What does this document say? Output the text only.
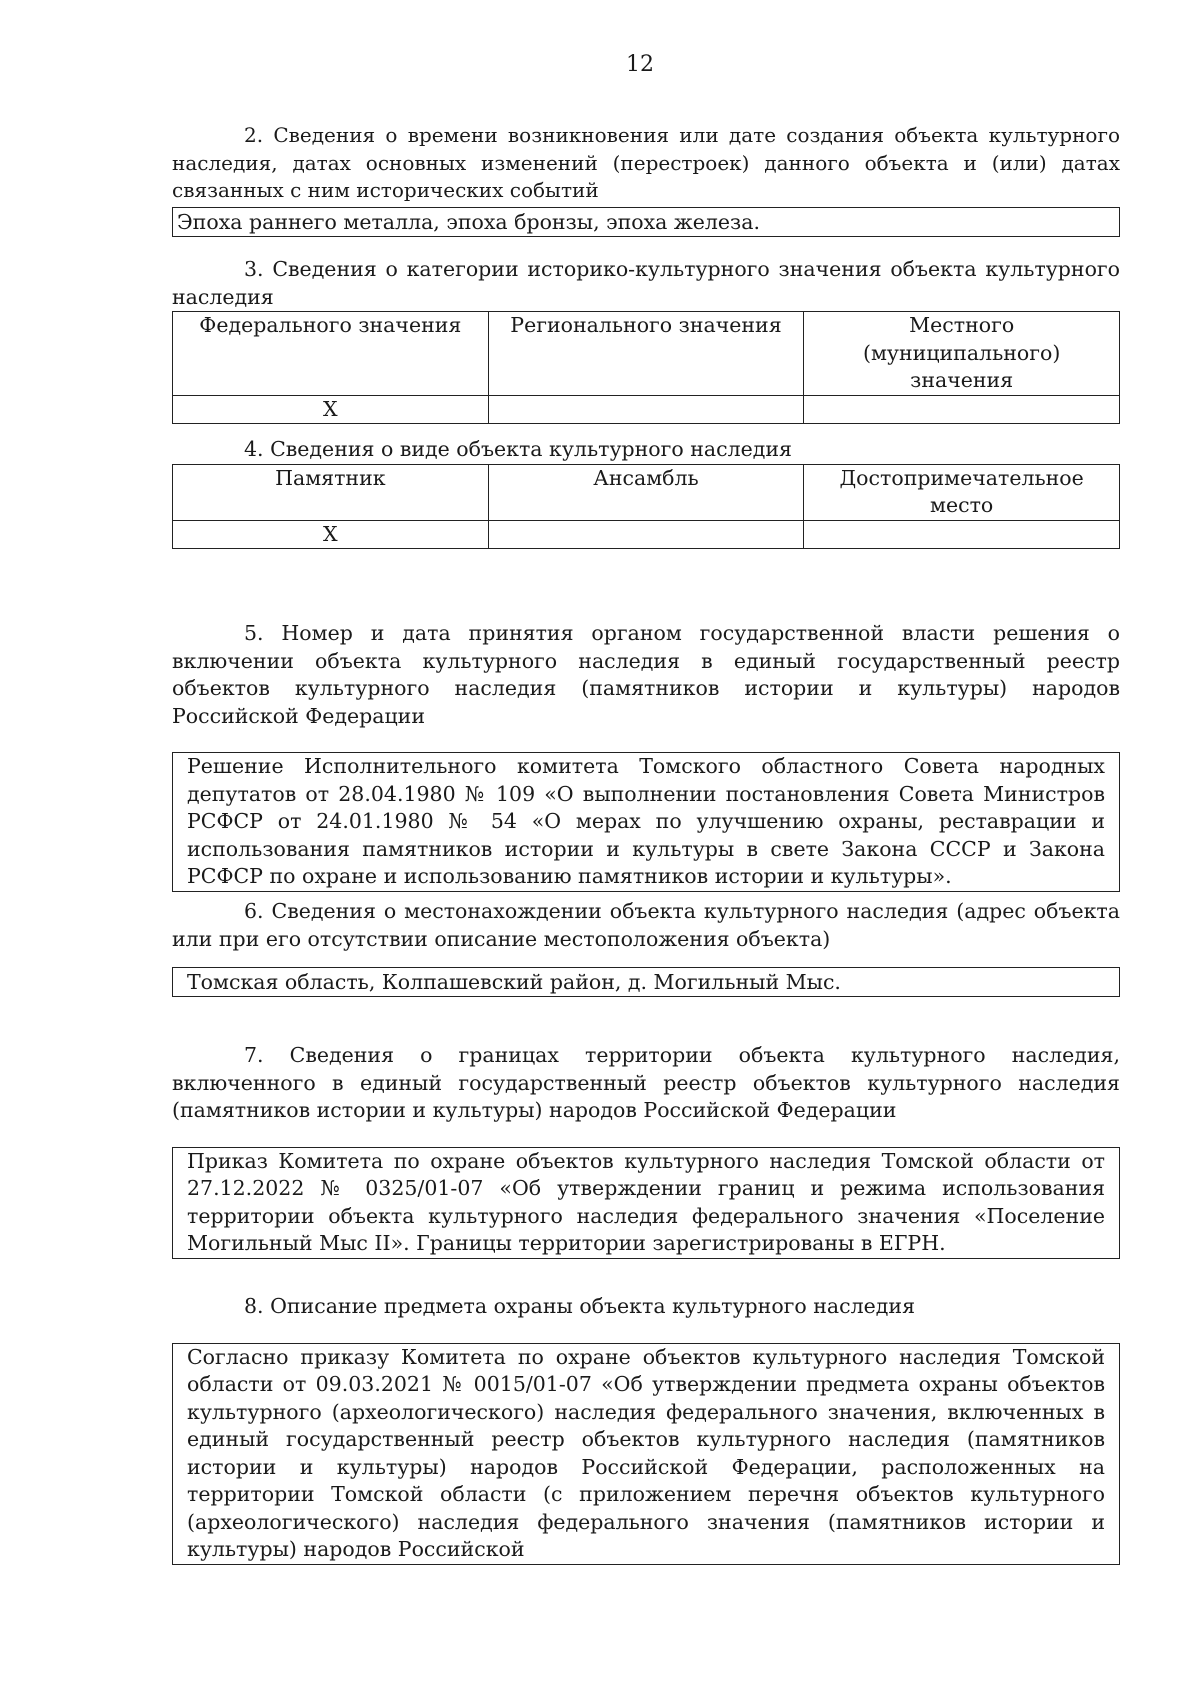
12

2. Сведения о времени возникновения или дате создания объекта культурного наследия, датах основных изменений (перестроек) данного объекта и (или) датах связанных с ним исторических событий

Эпоха раннего металла, эпоха бронзы, эпоха железа.

3. Сведения о категории историко-культурного значения объекта культурного наследия

Федерального значения	Регионального значения	Местного (муниципального) значения
X		

4. Сведения о виде объекта культурного наследия

Памятник	Ансамбль	Достопримечательное место
X		

5. Номер и дата принятия органом государственной власти решения о включении объекта культурного наследия в единый государственный реестр объектов культурного наследия (памятников истории и культуры) народов Российской Федерации

Решение Исполнительного комитета Томского областного Совета народных депутатов от 28.04.1980 № 109 «О выполнении постановления Совета Министров РСФСР от 24.01.1980 № 54 «О мерах по улучшению охраны, реставрации и использования памятников истории и культуры в свете Закона СССР и Закона РСФСР по охране и использованию памятников истории и культуры».

6. Сведения о местонахождении объекта культурного наследия (адрес объекта или при его отсутствии описание местоположения объекта)

Томская область, Колпашевский район, д. Могильный Мыс.

7. Сведения о границах территории объекта культурного наследия, включенного в единый государственный реестр объектов культурного наследия (памятников истории и культуры) народов Российской Федерации

Приказ Комитета по охране объектов культурного наследия Томской области от 27.12.2022 № 0325/01-07 «Об утверждении границ и режима использования территории объекта культурного наследия федерального значения «Поселение Могильный Мыс II». Границы территории зарегистрированы в ЕГРН.

8. Описание предмета охраны объекта культурного наследия

Согласно приказу Комитета по охране объектов культурного наследия Томской области от 09.03.2021 № 0015/01-07 «Об утверждении предмета охраны объектов культурного (археологического) наследия федерального значения, включенных в единый государственный реестр объектов культурного наследия (памятников истории и культуры) народов Российской Федерации, расположенных на территории Томской области (с приложением перечня объектов культурного (археологического) наследия федерального значения (памятников истории и культуры) народов Российской
